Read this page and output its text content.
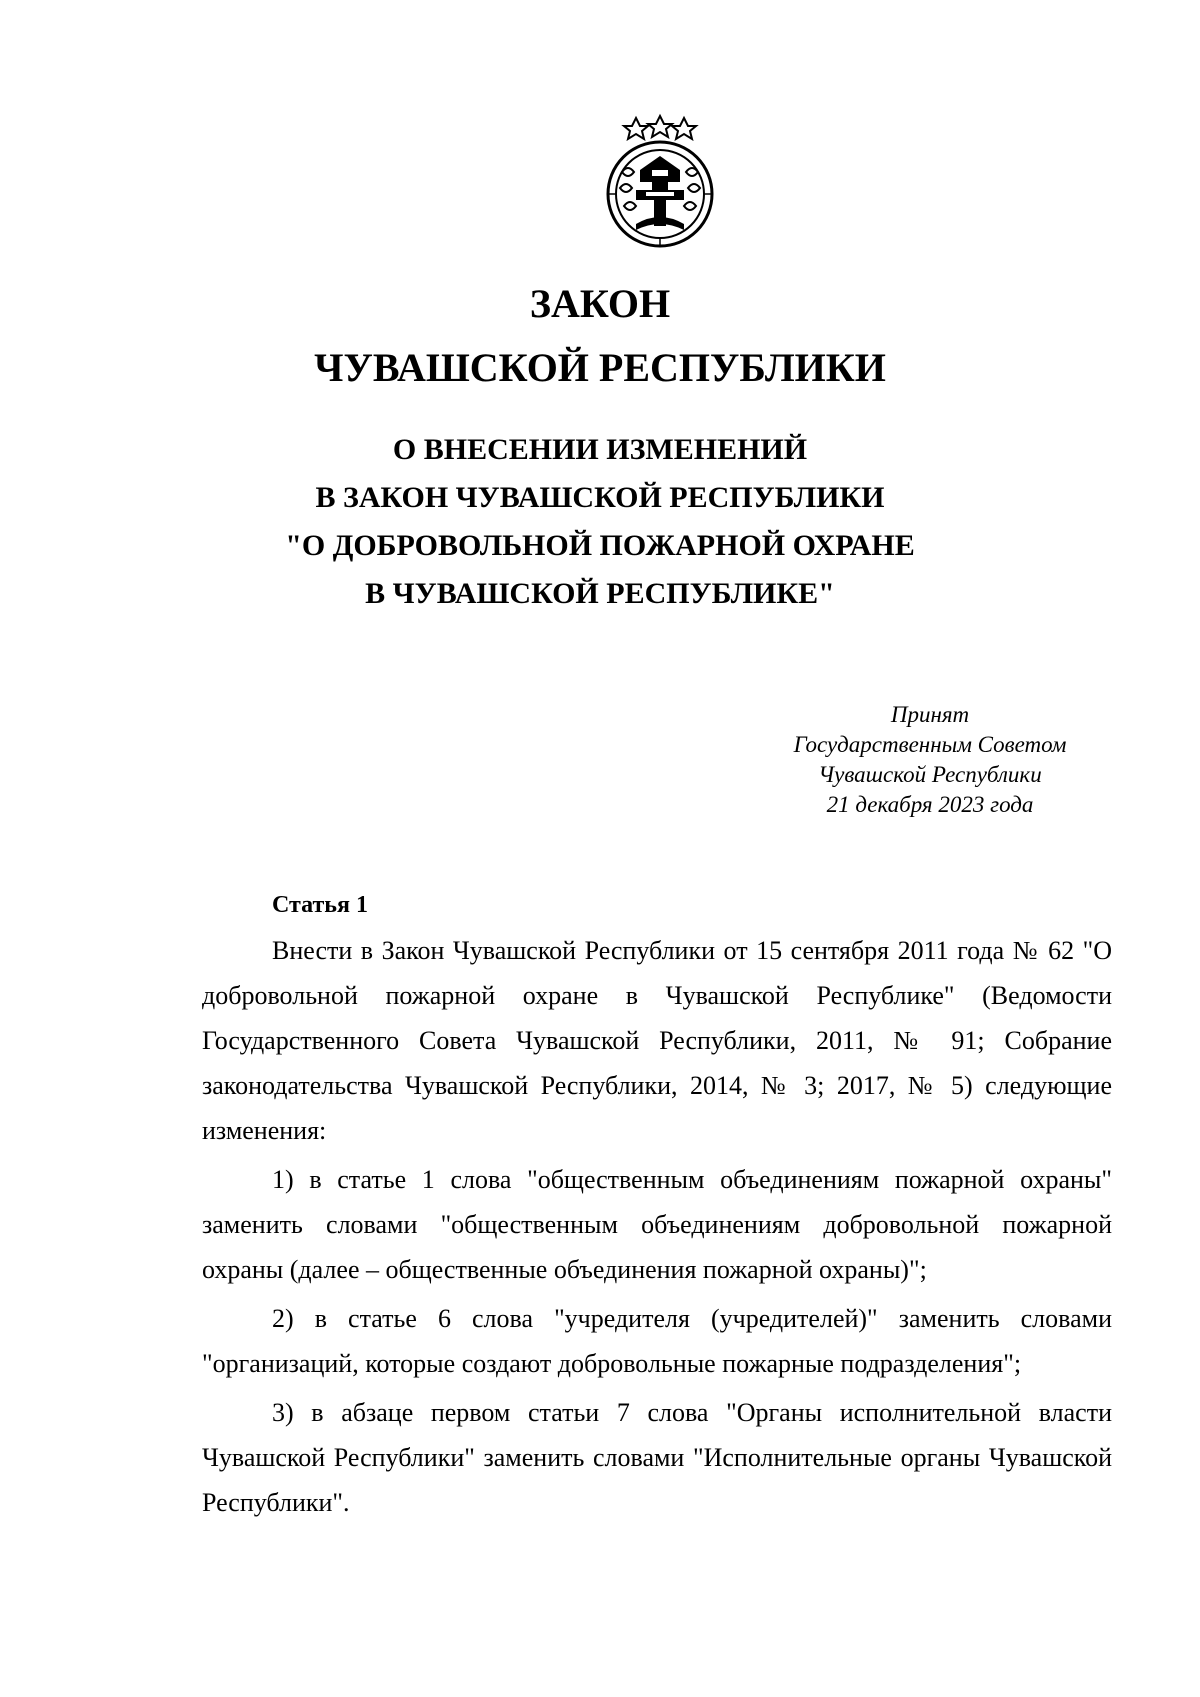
ЗАКОН
ЧУВАШСКОЙ РЕСПУБЛИКИ
О ВНЕСЕНИИ ИЗМЕНЕНИЙ
В ЗАКОН ЧУВАШСКОЙ РЕСПУБЛИКИ
"О ДОБРОВОЛЬНОЙ ПОЖАРНОЙ ОХРАНЕ
В ЧУВАШСКОЙ РЕСПУБЛИКЕ"
Принят
Государственным Советом
Чувашской Республики
21 декабря 2023 года
Статья 1

Внести в Закон Чувашской Республики от 15 сентября 2011 года № 62 "О добровольной пожарной охране в Чувашской Республике" (Ведомости Государственного Совета Чувашской Республики, 2011, № 91; Собрание законодательства Чувашской Республики, 2014, № 3; 2017, № 5) следующие изменения:

1) в статье 1 слова "общественным объединениям пожарной охраны" заменить словами "общественным объединениям добровольной пожарной охраны (далее – общественные объединения пожарной охраны)";

2) в статье 6 слова "учредителя (учредителей)" заменить словами "организаций, которые создают добровольные пожарные подразделения";

3) в абзаце первом статьи 7 слова "Органы исполнительной власти Чувашской Республики" заменить словами "Исполнительные органы Чувашской Республики".
